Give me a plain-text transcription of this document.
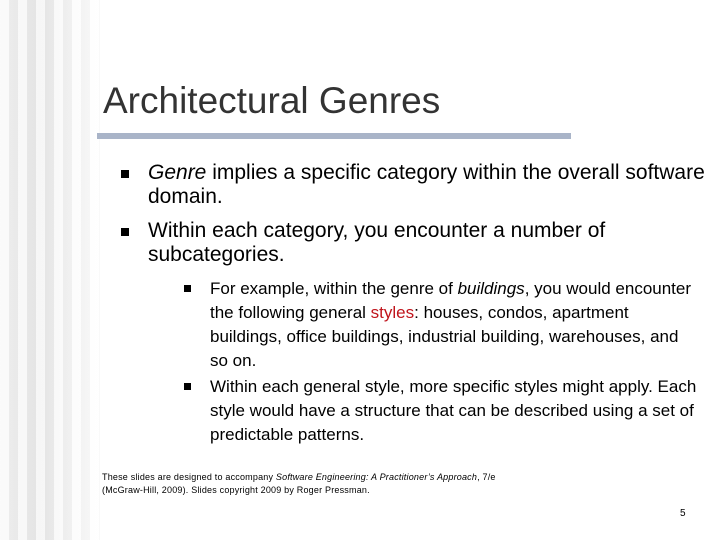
Architectural Genres
Genre implies a specific category within the overall software domain.
Within each category, you encounter a number of subcategories.
For example, within the genre of buildings, you would encounter the following general styles: houses, condos, apartment buildings, office buildings, industrial building, warehouses, and so on.
Within each general style, more specific styles might apply. Each style would have a structure that can be described using a set of predictable patterns.
These slides are designed to accompany Software Engineering: A Practitioner’s Approach, 7/e
(McGraw-Hill, 2009). Slides copyright 2009 by Roger Pressman.
5
